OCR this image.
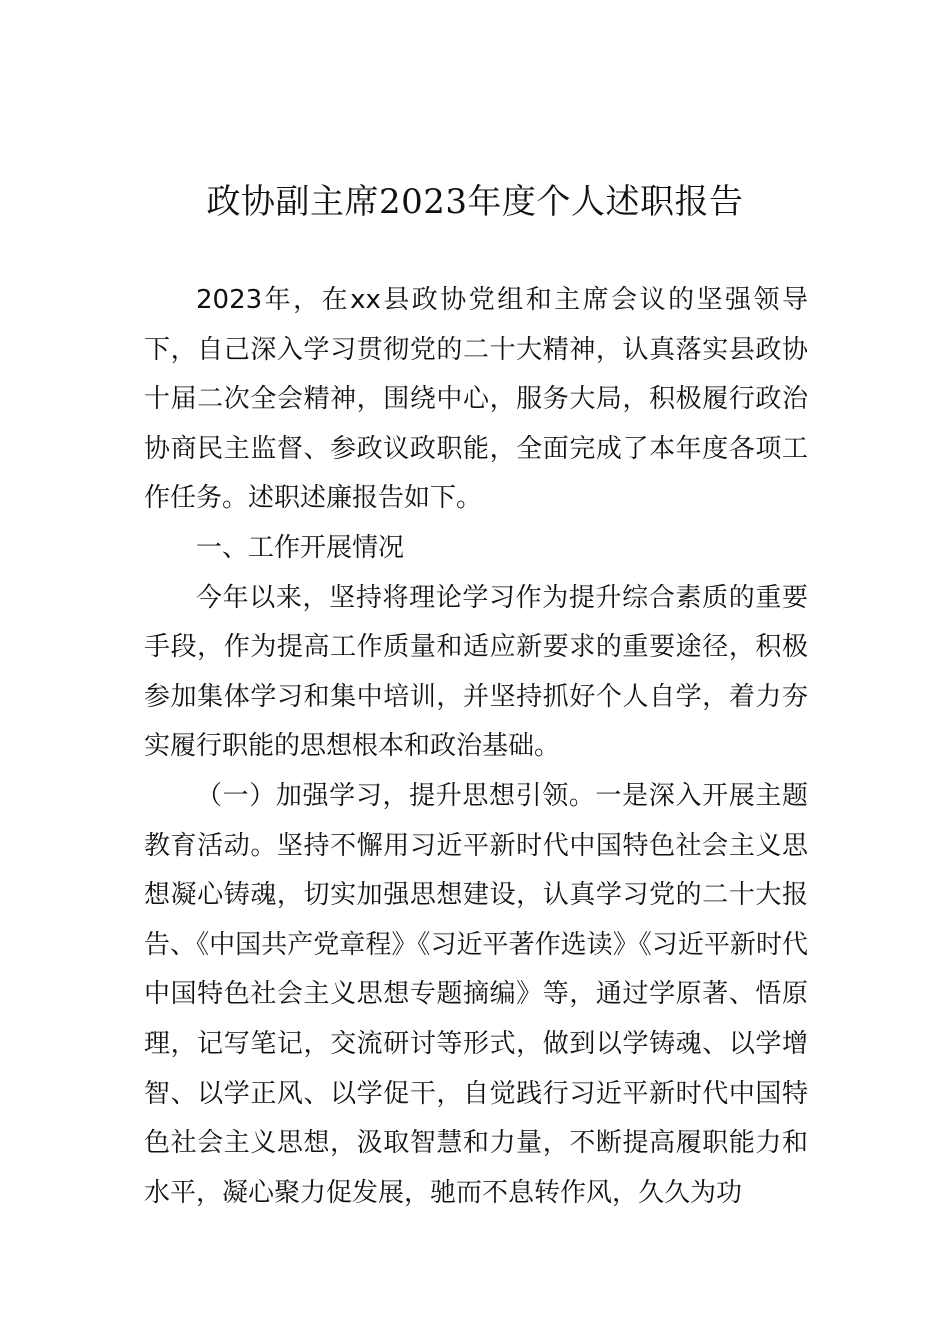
政协副主席2023年度个人述职报告

2023年，在xx县政协党组和主席会议的坚强领导下，自己深入学习贯彻党的二十大精神，认真落实县政协十届二次全会精神，围绕中心，服务大局，积极履行政治协商民主监督、参政议政职能，全面完成了本年度各项工作任务。述职述廉报告如下。

一、工作开展情况

今年以来，坚持将理论学习作为提升综合素质的重要手段，作为提高工作质量和适应新要求的重要途径，积极参加集体学习和集中培训，并坚持抓好个人自学，着力夯实履行职能的思想根本和政治基础。

（一）加强学习，提升思想引领。一是深入开展主题教育活动。坚持不懈用习近平新时代中国特色社会主义思想凝心铸魂，切实加强思想建设，认真学习党的二十大报告、《中国共产党章程》《习近平著作选读》《习近平新时代中国特色社会主义思想专题摘编》等，通过学原著、悟原理，记写笔记，交流研讨等形式，做到以学铸魂、以学增智、以学正风、以学促干，自觉践行习近平新时代中国特色社会主义思想，汲取智慧和力量，不断提高履职能力和水平，凝心聚力促发展，驰而不息转作风，久久为功
